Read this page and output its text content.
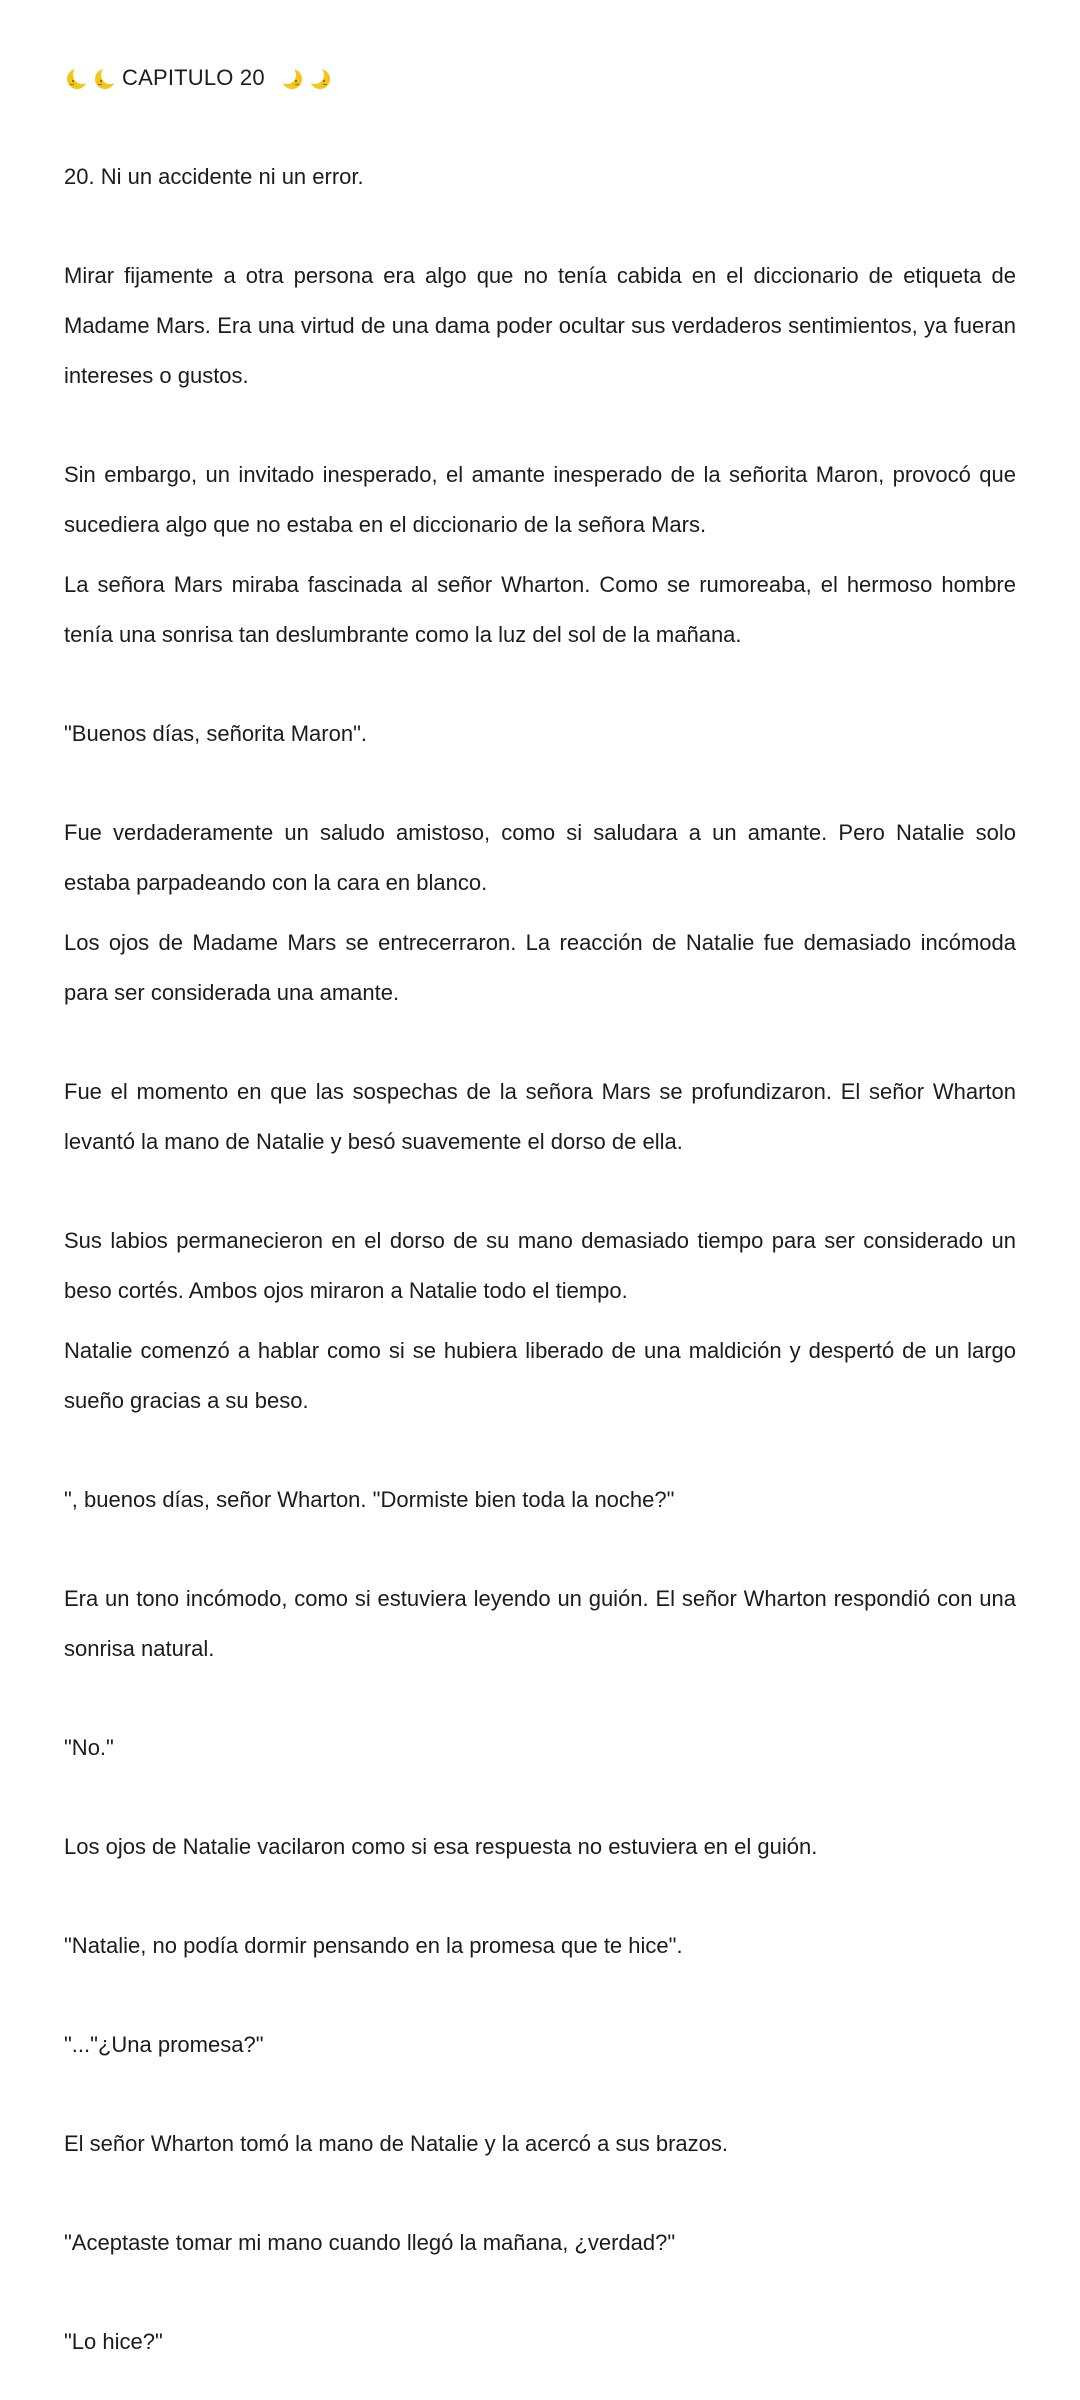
CAPITULO 20

20. Ni un accidente ni un error.

Mirar fijamente a otra persona era algo que no tenía cabida en el diccionario de etiqueta de Madame Mars. Era una virtud de una dama poder ocultar sus verdaderos sentimientos, ya fueran intereses o gustos.

Sin embargo, un invitado inesperado, el amante inesperado de la señorita Maron, provocó que sucediera algo que no estaba en el diccionario de la señora Mars.

La señora Mars miraba fascinada al señor Wharton. Como se rumoreaba, el hermoso hombre tenía una sonrisa tan deslumbrante como la luz del sol de la mañana.

"Buenos días, señorita Maron".

Fue verdaderamente un saludo amistoso, como si saludara a un amante. Pero Natalie solo estaba parpadeando con la cara en blanco.

Los ojos de Madame Mars se entrecerraron. La reacción de Natalie fue demasiado incómoda para ser considerada una amante.

Fue el momento en que las sospechas de la señora Mars se profundizaron. El señor Wharton levantó la mano de Natalie y besó suavemente el dorso de ella.

Sus labios permanecieron en el dorso de su mano demasiado tiempo para ser considerado un beso cortés. Ambos ojos miraron a Natalie todo el tiempo.

Natalie comenzó a hablar como si se hubiera liberado de una maldición y despertó de un largo sueño gracias a su beso.

", buenos días, señor Wharton. "Dormiste bien toda la noche?"

Era un tono incómodo, como si estuviera leyendo un guión. El señor Wharton respondió con una sonrisa natural.

"No."

Los ojos de Natalie vacilaron como si esa respuesta no estuviera en el guión.

"Natalie, no podía dormir pensando en la promesa que te hice".

"..."¿Una promesa?"

El señor Wharton tomó la mano de Natalie y la acercó a sus brazos.

"Aceptaste tomar mi mano cuando llegó la mañana, ¿verdad?"

"Lo hice?"
